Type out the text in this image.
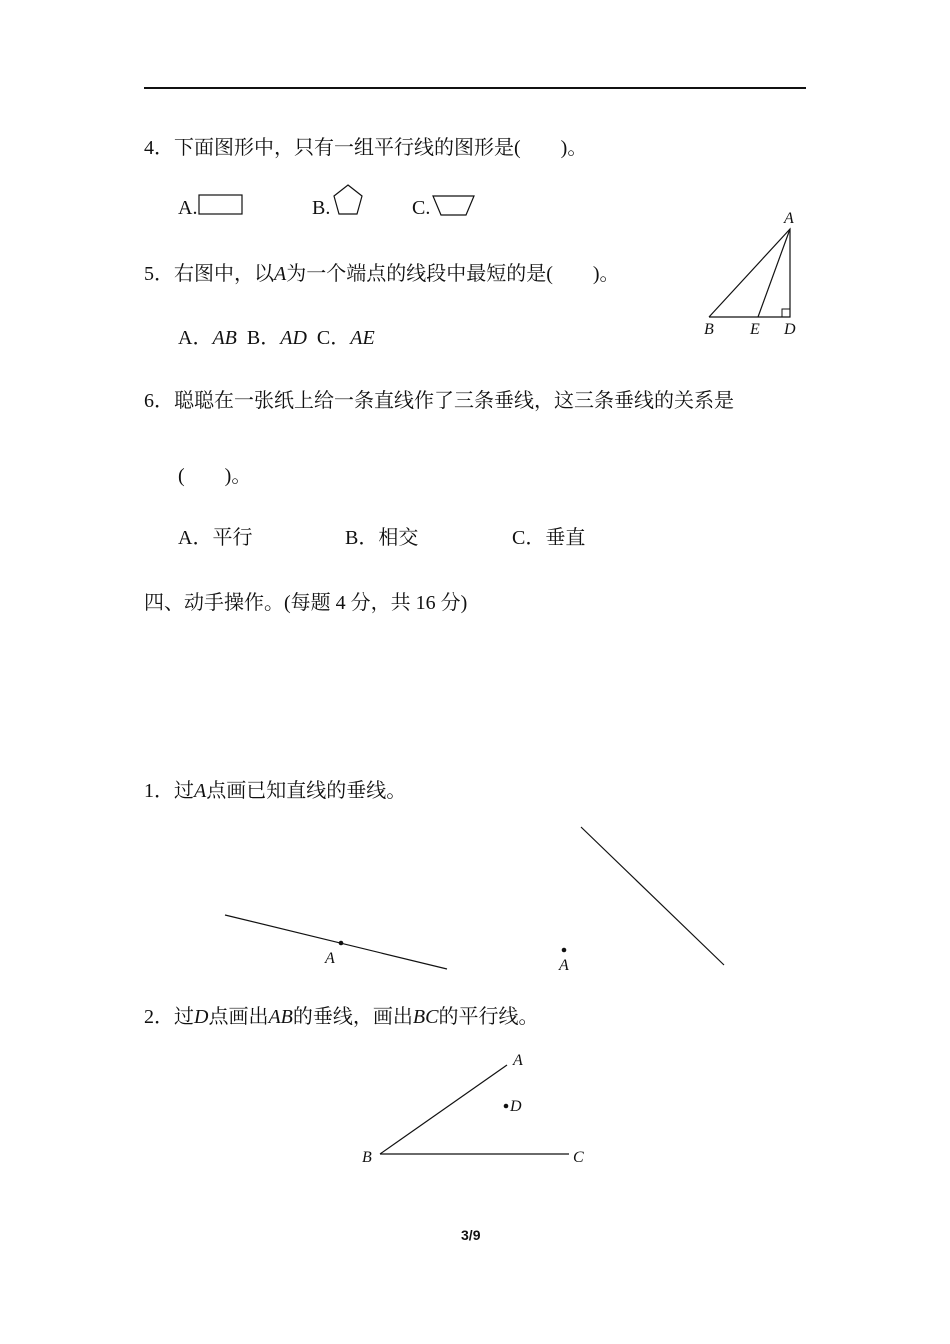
4．下面图形中，只有一组平行线的图形是(　　)。
A.	B.	C.
5．右图中，以A为一个端点的线段中最短的是(　　)。
A．AB B．AD C．AE
A
B E D
6．聪聪在一张纸上给一条直线作了三条垂线，这三条垂线的关系是
(　　)。
A．平行	B．相交	C．垂直
四、动手操作。(每题 4 分，共 16 分)
1．过A点画已知直线的垂线。
A	A
2．过D点画出AB的垂线，画出BC的平行线。
A
B	C
D
3/9
